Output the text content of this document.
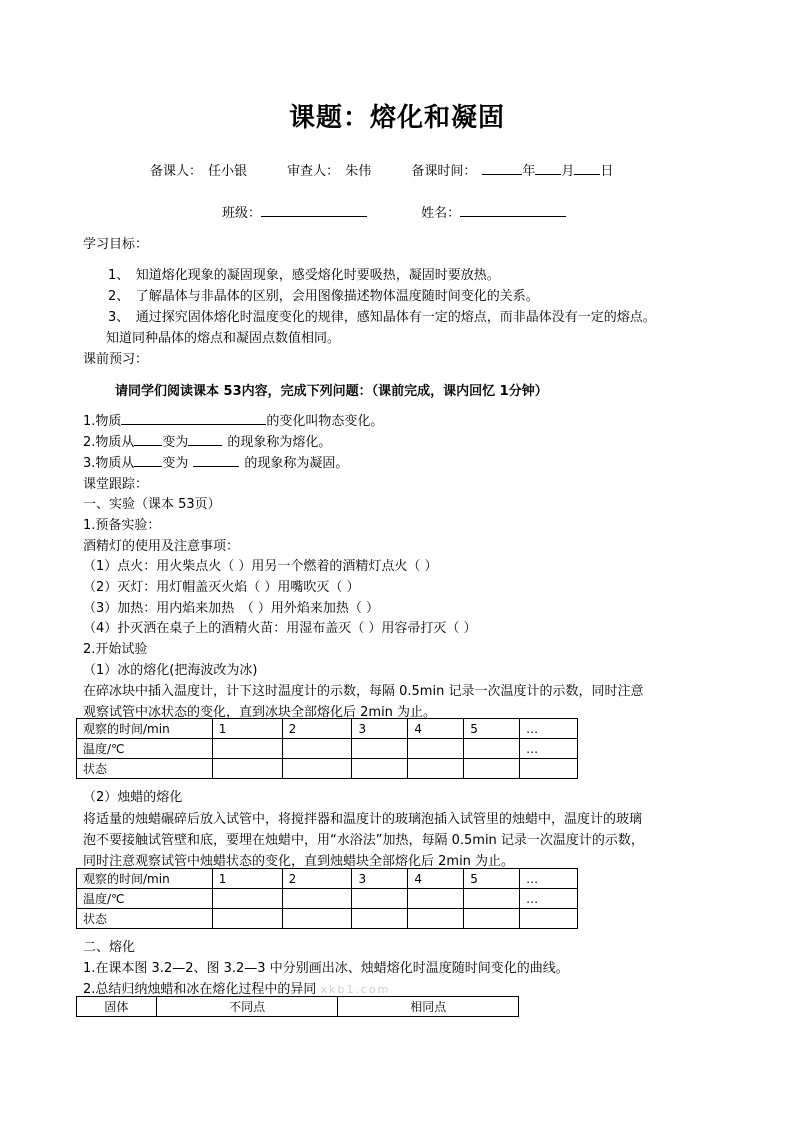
课题：熔化和凝固
备课人： 任小银	审查人： 朱伟	备课时间：	年 月 日
班级：	姓名：
学习目标：
1、　知道熔化现象的凝固现象，感受熔化时要吸热，凝固时要放热。
2、　了解晶体与非晶体的区别，会用图像描述物体温度随时间变化的关系。
3、　通过探究固体熔化时温度变化的规律，感知晶体有一定的熔点，而非晶体没有一定的熔点。
知道同种晶体的熔点和凝固点数值相同。
课前预习：
请同学们阅读课本 53内容，完成下列问题：（课前完成，课内回忆 1分钟）
1.物质	的变化叫物态变化。
2.物质从 变为	的现象称为熔化。
3.物质从 变为	的现象称为凝固。
课堂跟踪：
一、实验（课本 53页）
1.预备实验：
酒精灯的使用及注意事项：
（1）点火：用火柴点火（ ）用另一个燃着的酒精灯点火（ ）
（2）灭灯：用灯帽盖灭火焰（ ）用嘴吹灭（ ）
（3）加热：用内焰来加热　（ ）用外焰来加热（ ）
（4）扑灭洒在桌子上的酒精火苗：用湿布盖灭（ ）用容帚打灭（ ）
2.开始试验
（1）冰的熔化(把海波改为冰)
在碎冰块中插入温度计，计下这时温度计的示数，每隔 0.5min 记录一次温度计的示数，同时注意
观察试管中冰状态的变化，直到冰块全部熔化后 2min 为止。
观察的时间/min	1	2	3	4	5	…
温度/℃						…
状态						
（2）烛蜡的熔化
将适量的烛蜡碾碎后放入试管中，将搅拌器和温度计的玻璃泡插入试管里的烛蜡中，温度计的玻璃
泡不要接触试管壁和底，要埋在烛蜡中，用“水浴法”加热，每隔 0.5min 记录一次温度计的示数，
同时注意观察试管中烛蜡状态的变化，直到烛蜡块全部熔化后 2min 为止。
观察的时间/min	1	2	3	4	5	…
温度/℃						…
状态						
二、熔化
1.在课本图 3.2—2、图 3.2—3 中分别画出冰、烛蜡熔化时温度随时间变化的曲线。
2.总结归纳烛蜡和冰在熔化过程中的异同 xkb1.com
固体	不同点	相同点
